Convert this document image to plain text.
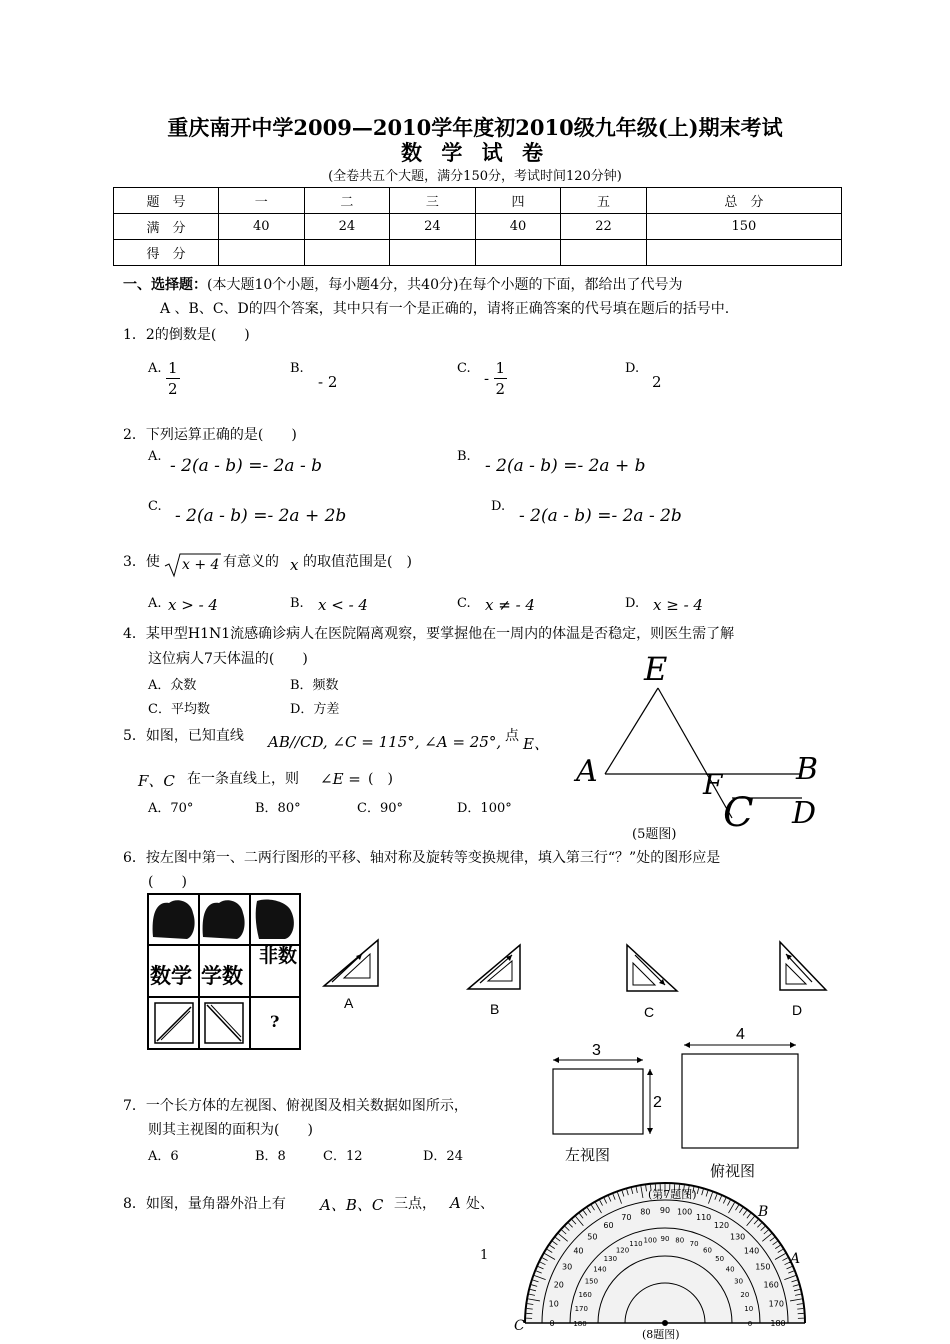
重庆南开中学2009—2010学年度初2010级九年级(上)期末考试
数 学 试 卷
(全卷共五个大题，满分150分，考试时间120分钟)
题　号	一	二	三	四	五	总　分
满　分	40	24	24	40	22	150
得　分						
一、选择题：(本大题10个小题，每小题4分，共40分)在每个小题的下面，都给出了代号为
A 、B、C、D的四个答案，其中只有一个是正确的，请将正确答案的代号填在题后的括号中.
1．2的倒数是(　　)
A. $\frac{1}{2}$	B.
- 2
C.
- $\frac{1}{2}$	D.
2
2．下列运算正确的是(　　)
A. - 2(a - b) =- 2a - b	B. - 2(a - b) =- 2a + b
C. - 2(a - b) =- 2a + 2b	D. - 2(a - b) =- 2a - 2b
3．使 x + 4 有意义的 x 的取值范围是(　)
A. x > - 4	B. x < - 4	C. x ≠ - 4	D. x ≥ - 4
4．某甲型H1N1流感确诊病人在医院隔离观察，要掌握他在一周内的体温是否稳定，则医生需了解
这位病人7天体温的(　　)
A．众数	B．频数
C．平均数	D．方差
5．如图，已知直线 AB//CD, ∠C = 115°, ∠A = 25°, 点 E、
F、C 在一条直线上，则 ∠E = (　)
A．70°	B．80°	C．90°	D．100°
E
A	B
F
C D
(5题图)
6．按左图中第一、二两行图形的平移、轴对称及旋转等变换规律，填入第三行“？”处的图形应是
(　　)
数学 学数
非数
?
A	B	C	D
3
2
左视图
4
俯视图
7．一个长方体的左视图、俯视图及相关数据如图所示，
则其主视图的面积为(　　)
A．6	B．8	C．12	D．24
8．如图，量角器外沿上有 A、B、C 三点， A 处、
0	180
10
170
20
160
30
150
40
140
50
130
60
120
70
110
80
100
90
90
100
80
110
70
120
60
130
50
140
40	150
30	160
20
170
10
180
0
(第7题图)
B
A
C
(8题图)
1
